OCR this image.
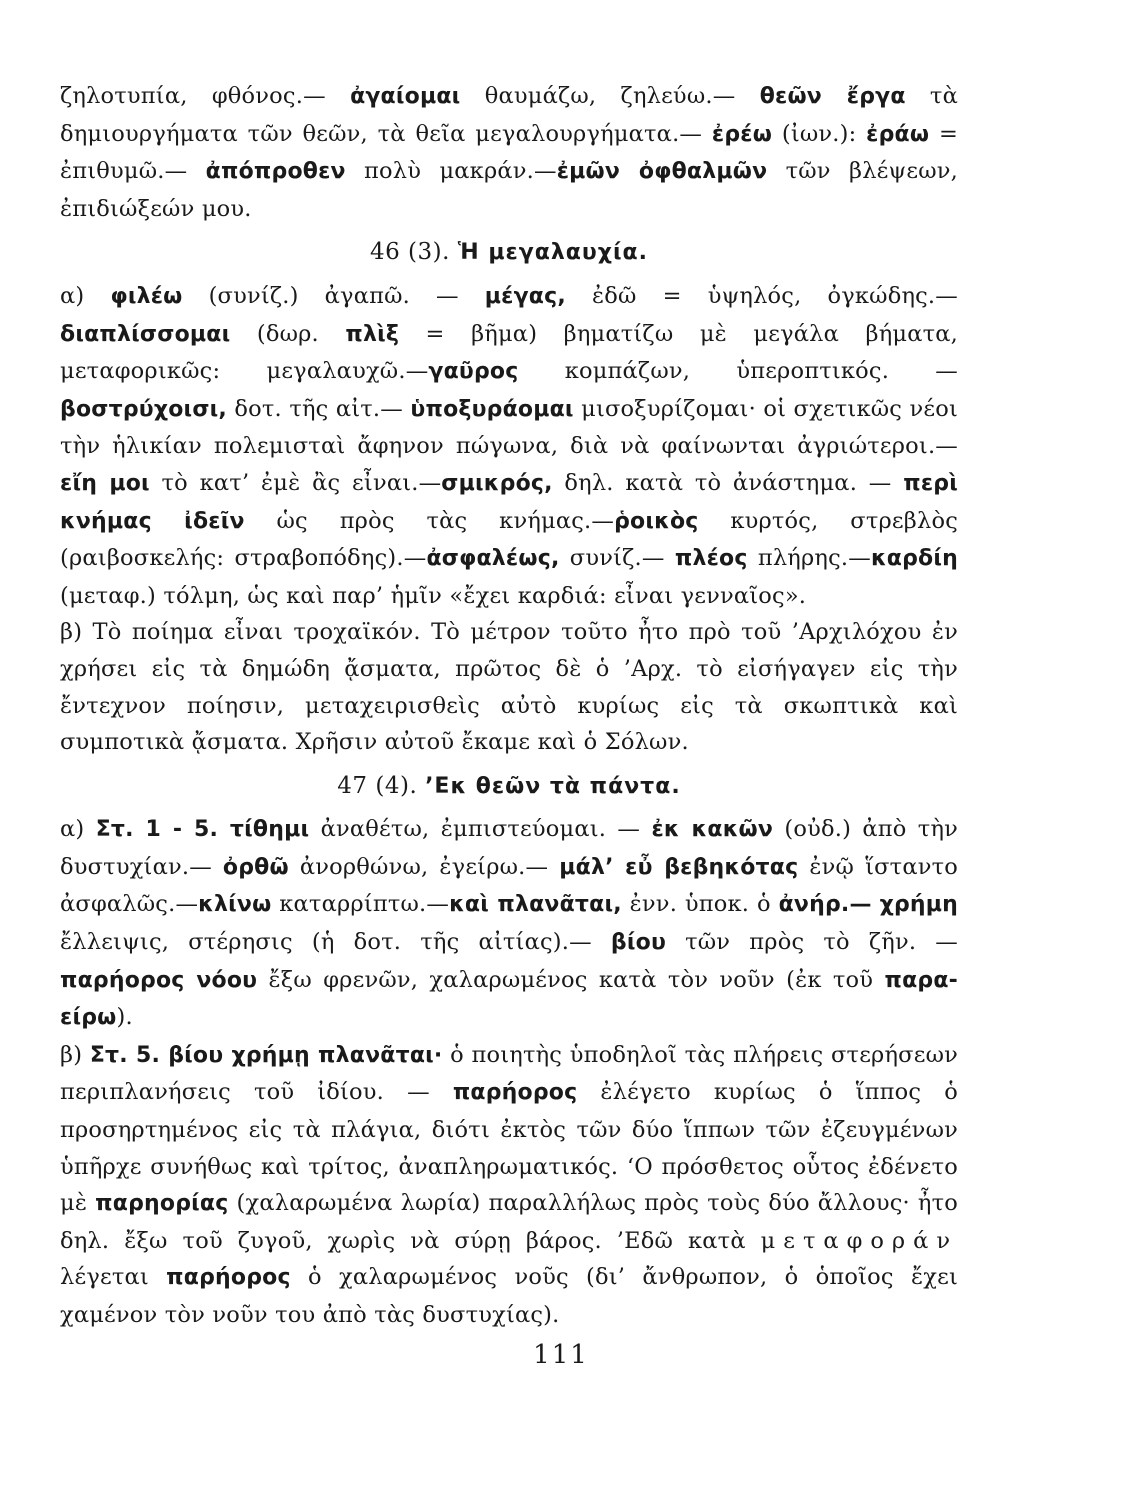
ζηλοτυπία, φθόνος.— ἀγαίομαι θαυμάζω, ζηλεύω.— θεῶν ἔργα τὰ δημιουργήματα τῶν θεῶν, τὰ θεῖα μεγαλουργήματα.— ἐρέω (ἰων.): ἐράω = ἐπιθυμῶ.— ἀπόπροθεν πολὺ μακράν.—ἐμῶν ὀφθαλμῶν τῶν βλέψεων, ἐπιδιώξεών μου.

46 (3). Ἡ μεγαλαυχία.

α) φιλέω (συνίζ.) ἀγαπῶ. — μέγας, ἐδῶ = ὑψηλός, ὀγκώδης.— διαπλίσσομαι (δωρ. πλὶξ = βῆμα) βηματίζω μὲ μεγάλα βήματα, μεταφορικῶς: μεγαλαυχῶ.—γαῦρος κομπάζων, ὑπεροπτικός. — βοστρύχοισι, δοτ. τῆς αἰτ.— ὑποξυράομαι μισοξυρίζομαι· οἱ σχετικῶς νέοι τὴν ἡλικίαν πολεμισταὶ ἄφηνον πώγωνα, διὰ νὰ φαίνωνται ἀγριώτεροι.— εἴη μοι τὸ κατ’ ἐμὲ ἂς εἶναι.—σμικρός, δηλ. κατὰ τὸ ἀνάστημα. — περὶ κνήμας ἰδεῖν ὡς πρὸς τὰς κνήμας.—ῥοικὸς κυρτός, στρεβλὸς (ραιβοσκελής: στραβοπόδης).—ἀσφαλέως, συνίζ.— πλέος πλήρης.—καρδίη (μεταφ.) τόλμη, ὡς καὶ παρ’ ἡμῖν «ἔχει καρδιά: εἶναι γενναῖος».

β) Τὸ ποίημα εἶναι τροχαϊκόν. Τὸ μέτρον τοῦτο ἦτο πρὸ τοῦ ’Αρχιλόχου ἐν χρήσει εἰς τὰ δημώδη ᾄσματα, πρῶτος δὲ ὁ ’Αρχ. τὸ εἰσήγαγεν εἰς τὴν ἔντεχνον ποίησιν, μεταχειρισθεὶς αὐτὸ κυρίως εἰς τὰ σκωπτικὰ καὶ συμποτικὰ ᾄσματα. Χρῆσιν αὐτοῦ ἔκαμε καὶ ὁ Σόλων.

47 (4). ’Εκ θεῶν τὰ πάντα.

α) Στ. 1 - 5. τίθημι ἀναθέτω, ἐμπιστεύομαι. — ἐκ κακῶν (οὐδ.) ἀπὸ τὴν δυστυχίαν.— ὀρθῶ ἀνορθώνω, ἐγείρω.— μάλ’ εὖ βεβηκότας ἐνῷ ἵσταντο ἀσφαλῶς.—κλίνω καταρρίπτω.—καὶ πλανᾶται, ἐνν. ὑποκ. ὁ ἀνήρ.— χρήμη ἔλλειψις, στέρησις (ἡ δοτ. τῆς αἰτίας).— βίου τῶν πρὸς τὸ ζῆν. — παρήορος νόου ἔξω φρενῶν, χαλαρωμένος κατὰ τὸν νοῦν (ἐκ τοῦ παρα-είρω).

β) Στ. 5. βίου χρήμῃ πλανᾶται· ὁ ποιητὴς ὑποδηλοῖ τὰς πλήρεις στερήσεων περιπλανήσεις τοῦ ἰδίου. — παρήορος ἐλέγετο κυρίως ὁ ἵππος ὁ προσηρτημένος εἰς τὰ πλάγια, διότι ἐκτὸς τῶν δύο ἵππων τῶν ἐζευγμένων ὑπῆρχε συνήθως καὶ τρίτος, ἀναπληρωματικός. ‘Ο πρόσθετος οὗτος ἐδένετο μὲ παρηορίας (χαλαρωμένα λωρία) παραλλήλως πρὸς τοὺς δύο ἄλλους· ἦτο δηλ. ἔξω τοῦ ζυγοῦ, χωρὶς νὰ σύρῃ βάρος. ’Εδῶ κατὰ μεταφοράν λέγεται παρήορος ὁ χαλαρωμένος νοῦς (δι’ ἄνθρωπον, ὁ ὁποῖος ἔχει χαμένον τὸν νοῦν του ἀπὸ τὰς δυστυχίας).

111
